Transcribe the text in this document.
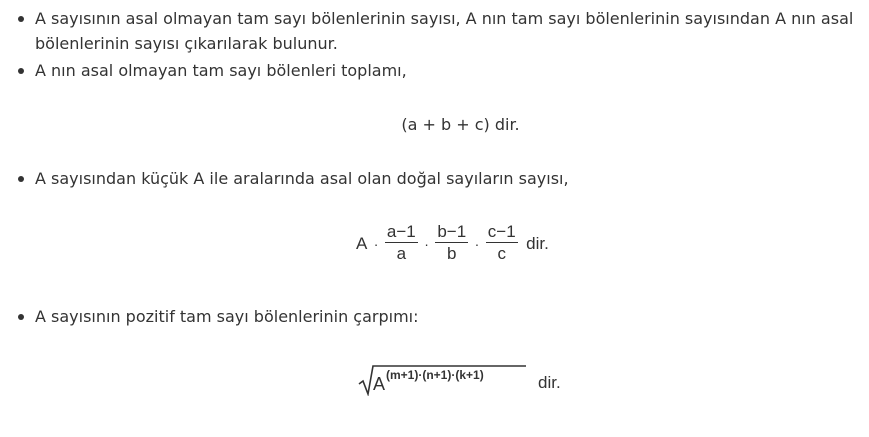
A sayısının asal olmayan tam sayı bölenlerinin sayısı, A nın tam sayı bölenlerinin sayısından A nın asal bölenlerinin sayısı çıkarılarak bulunur.
A nın asal olmayan tam sayı bölenleri toplamı,
(a + b + c) dir.
A sayısından küçük A ile aralarında asal olan doğal sayıların sayısı,
$A \cdot \frac{a-1}{a} \cdot \frac{b-1}{b} \cdot \frac{c-1}{c}$ dir.
A sayısının pozitif tam sayı bölenlerinin çarpımı:
A (m+1)·(n+1)·(k+1)	dir.
